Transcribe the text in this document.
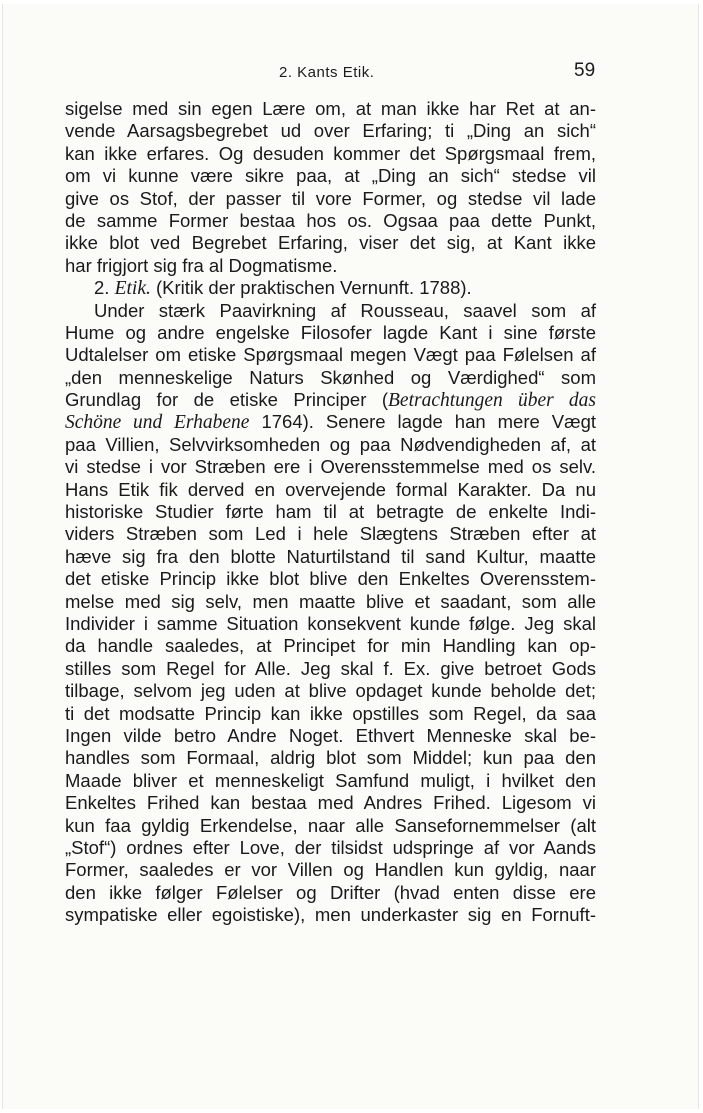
2. Kants Etik.	59
sigelse med sin egen Lære om, at man ikke har Ret at an-
vende Aarsagsbegrebet ud over Erfaring; ti „Ding an sich“
kan ikke erfares. Og desuden kommer det Spørgsmaal frem,
om vi kunne være sikre paa, at „Ding an sich“ stedse vil
give os Stof, der passer til vore Former, og stedse vil lade
de samme Former bestaa hos os. Ogsaa paa dette Punkt,
ikke blot ved Begrebet Erfaring, viser det sig, at Kant ikke
har frigjort sig fra al Dogmatisme.
2. Etik. (Kritik der praktischen Vernunft. 1788).
Under stærk Paavirkning af Rousseau, saavel som af
Hume og andre engelske Filosofer lagde Kant i sine første
Udtalelser om etiske Spørgsmaal megen Vægt paa Følelsen af
„den menneskelige Naturs Skønhed og Værdighed“ som
Grundlag for de etiske Principer (Betrachtungen über das
Schöne und Erhabene 1764). Senere lagde han mere Vægt
paa Villien, Selvvirksomheden og paa Nødvendigheden af, at
vi stedse i vor Stræben ere i Overensstemmelse med os selv.
Hans Etik fik derved en overvejende formal Karakter. Da nu
historiske Studier førte ham til at betragte de enkelte Indi-
viders Stræben som Led i hele Slægtens Stræben efter at
hæve sig fra den blotte Naturtilstand til sand Kultur, maatte
det etiske Princip ikke blot blive den Enkeltes Overensstem-
melse med sig selv, men maatte blive et saadant, som alle
Individer i samme Situation konsekvent kunde følge. Jeg skal
da handle saaledes, at Principet for min Handling kan op-
stilles som Regel for Alle. Jeg skal f. Ex. give betroet Gods
tilbage, selvom jeg uden at blive opdaget kunde beholde det;
ti det modsatte Princip kan ikke opstilles som Regel, da saa
Ingen vilde betro Andre Noget. Ethvert Menneske skal be-
handles som Formaal, aldrig blot som Middel; kun paa den
Maade bliver et menneskeligt Samfund muligt, i hvilket den
Enkeltes Frihed kan bestaa med Andres Frihed. Ligesom vi
kun faa gyldig Erkendelse, naar alle Sansefornemmelser (alt
„Stof“) ordnes efter Love, der tilsidst udspringe af vor Aands
Former, saaledes er vor Villen og Handlen kun gyldig, naar
den ikke følger Følelser og Drifter (hvad enten disse ere
sympatiske eller egoistiske), men underkaster sig en Fornuft-
